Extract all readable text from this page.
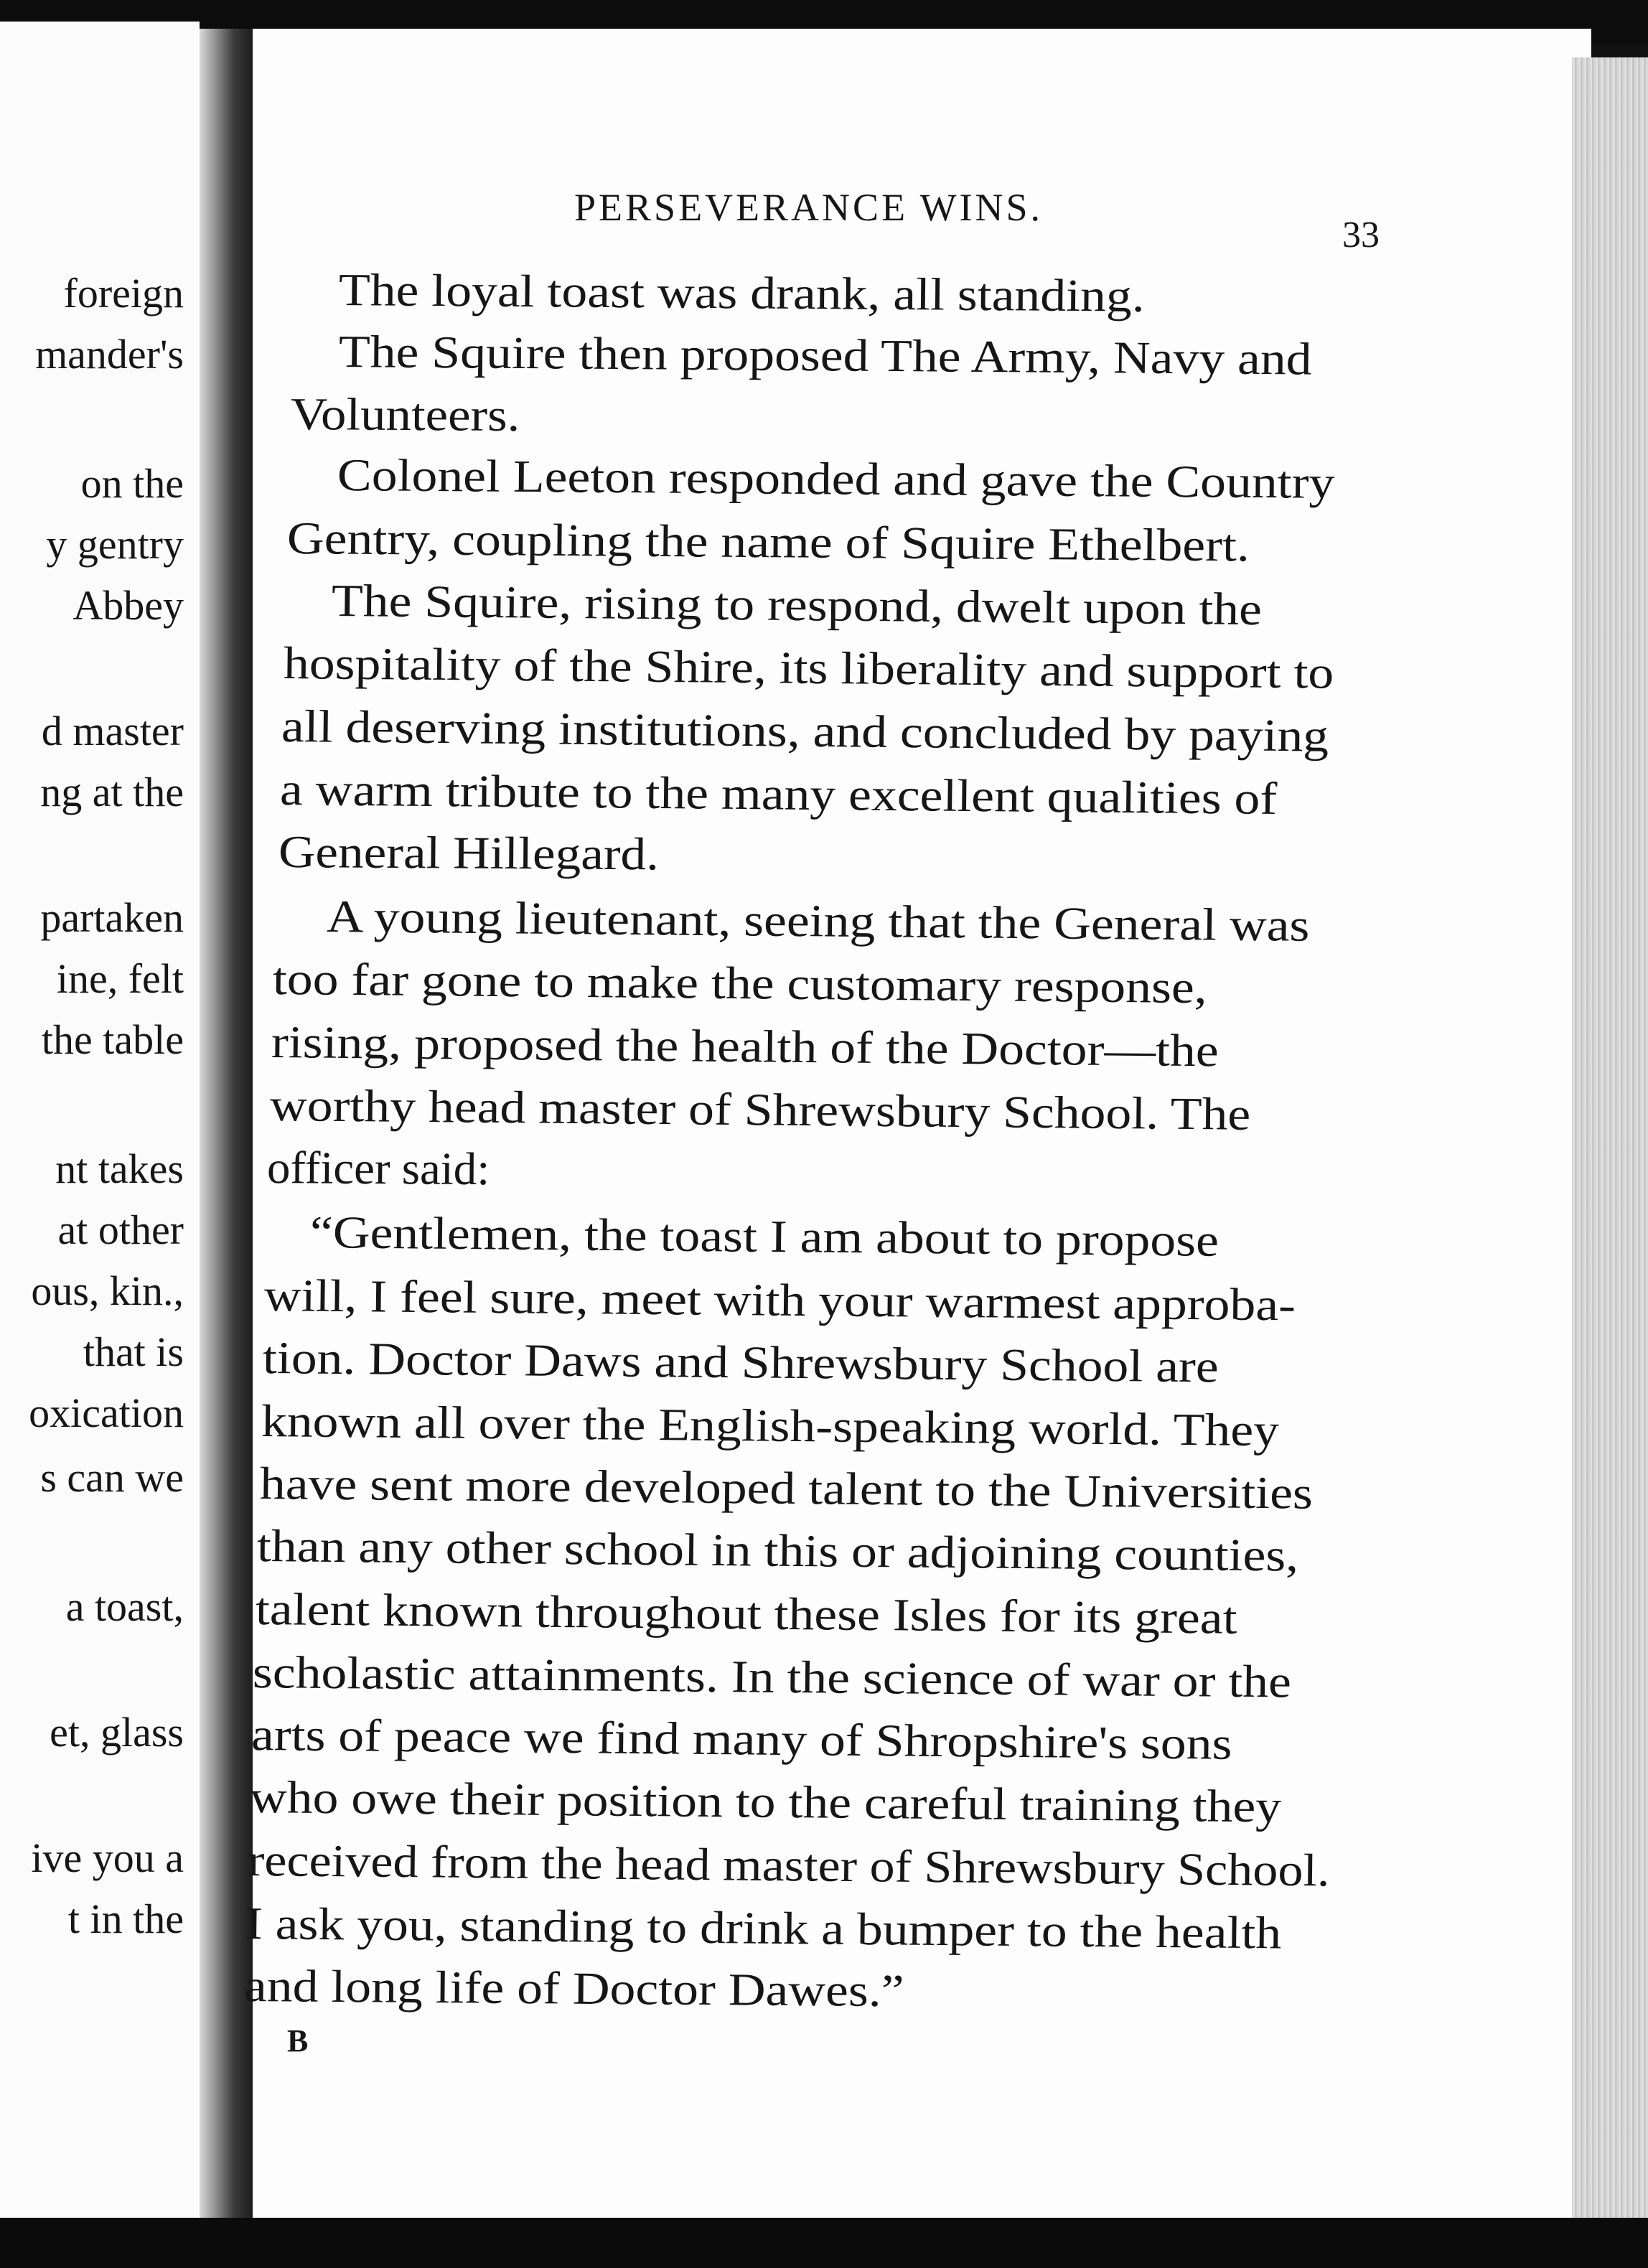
foreign
mander's
on the
y gentry
Abbey
d master
ng at the
partaken
ine, felt
the table
nt takes
at other
ous, kin.,
that is
oxication
s can we
a toast,
et, glass
ive you a
t in the
PERSEVERANCE WINS.
33
The loyal toast was drank, all standing.
The Squire then proposed The Army, Navy and
Volunteers.
Colonel Leeton responded and gave the Country
Gentry, coupling the name of Squire Ethelbert.
The Squire, rising to respond, dwelt upon the
hospitality of the Shire, its liberality and support to
all deserving institutions, and concluded by paying
a warm tribute to the many excellent qualities of
General Hillegard.
A young lieutenant, seeing that the General was
too far gone to make the customary response,
rising, proposed the health of the Doctor—the
worthy head master of Shrewsbury School. The
officer said:
“Gentlemen, the toast I am about to propose
will, I feel sure, meet with your warmest approba-
tion. Doctor Daws and Shrewsbury School are
known all over the English-speaking world. They
have sent more developed talent to the Universities
than any other school in this or adjoining counties,
talent known throughout these Isles for its great
scholastic attainments. In the science of war or the
arts of peace we find many of Shropshire's sons
who owe their position to the careful training they
received from the head master of Shrewsbury School.
I ask you, standing to drink a bumper to the health
and long life of Doctor Dawes.”
B
